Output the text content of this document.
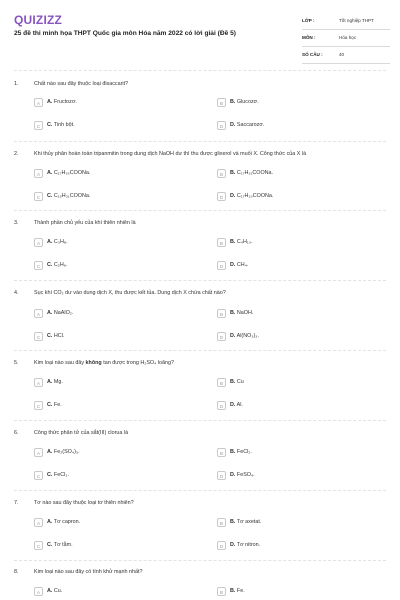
QUIZIZZ
25 đề thi minh họa THPT Quốc gia môn Hóa năm 2022 có lời giải (Đề 5)
LỚP :	Tốt nghiệp THPT
MÔN :	Hóa học
SỐ CÂU :	40
1.	Chất nào sau đây thuộc loại đisaccarit?
A	A. Fructozơ.	B	B. Glucozơ.
C	C. Tinh bột.	D	D. Saccarozơ.
2.	Khi thủy phân hoàn toàn tripanmitin trong dung dịch NaOH dư thì thu được glixerol và muối X. Công thức của X là
A	A. C₁₇H₃₅COONa.	B	B. C₁₇H₃₁COONa.
C	C. C₁₅H₃₁COONa.	D	D. C₁₇H₃₃COONa.
3.	Thành phần chủ yếu của khí thiên nhiên là
A	A. C₃H₈.	B	B. C₄H₁₀.
C	C. C₂H₆.	D	D. CH₄.
4.	Sục khí CO₂ dư vào dung dịch X, thu được kết tủa. Dung dịch X chứa chất nào?
A	A. NaAlO₂.	B	B. NaOH.
C	C. HCl.	D	D. Al(NO₃)₃.
5.	Kim loại nào sau đây không tan được trong H₂SO₄ loãng?
A	A. Mg.	B	B. Cu
C	C. Fe.	D	D. Al.
6.	Công thức phân tử của sắt(III) clorua là
A	A. Fe₂(SO₄)₃.	B	B. FeCl₂.
C	C. FeCl₃.	D	D. FeSO₄.
7.	Tơ nào sau đây thuộc loại tơ thiên nhiên?
A	A. Tơ capron.	B	B. Tơ axetat.
C	C. Tơ tằm.	D	D. Tơ nitron.
8.	Kim loại nào sau đây có tính khử mạnh nhất?
A	A. Cu.	B	B. Fe.
